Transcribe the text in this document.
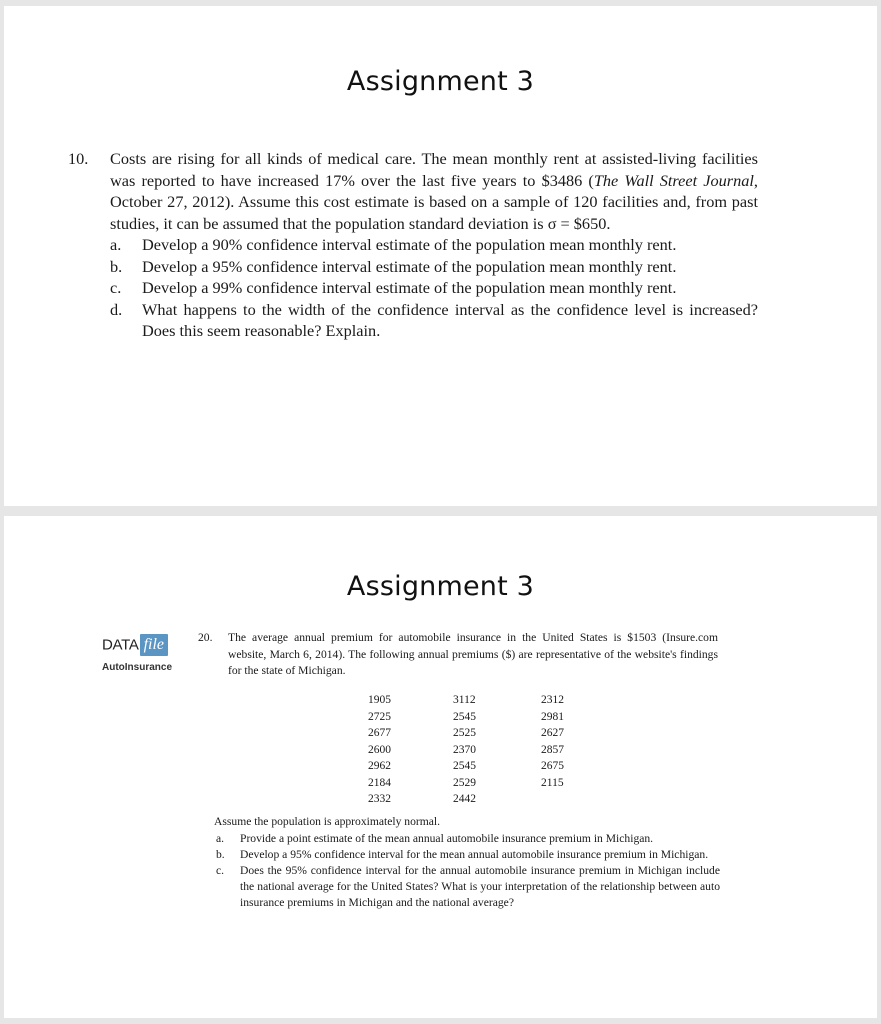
Assignment 3
10. Costs are rising for all kinds of medical care. The mean monthly rent at assisted-living facilities was reported to have increased 17% over the last five years to $3486 (The Wall Street Journal, October 27, 2012). Assume this cost estimate is based on a sample of 120 facilities and, from past studies, it can be assumed that the population standard deviation is σ = $650.
a. Develop a 90% confidence interval estimate of the population mean monthly rent.
b. Develop a 95% confidence interval estimate of the population mean monthly rent.
c. Develop a 99% confidence interval estimate of the population mean monthly rent.
d. What happens to the width of the confidence interval as the confidence level is increased? Does this seem reasonable? Explain.
Assignment 3
DATA file
AutoInsurance
20. The average annual premium for automobile insurance in the United States is $1503 (Insure.com website, March 6, 2014). The following annual premiums ($) are representative of the website's findings for the state of Michigan.
1905
2725
2677
2600
2962
2184
2332
3112
2545
2525
2370
2545
2529
2442
2312
2981
2627
2857
2675
2115
Assume the population is approximately normal.
a. Provide a point estimate of the mean annual automobile insurance premium in Michigan.
b. Develop a 95% confidence interval for the mean annual automobile insurance premium in Michigan.
c. Does the 95% confidence interval for the annual automobile insurance premium in Michigan include the national average for the United States? What is your interpretation of the relationship between auto insurance premiums in Michigan and the national average?
